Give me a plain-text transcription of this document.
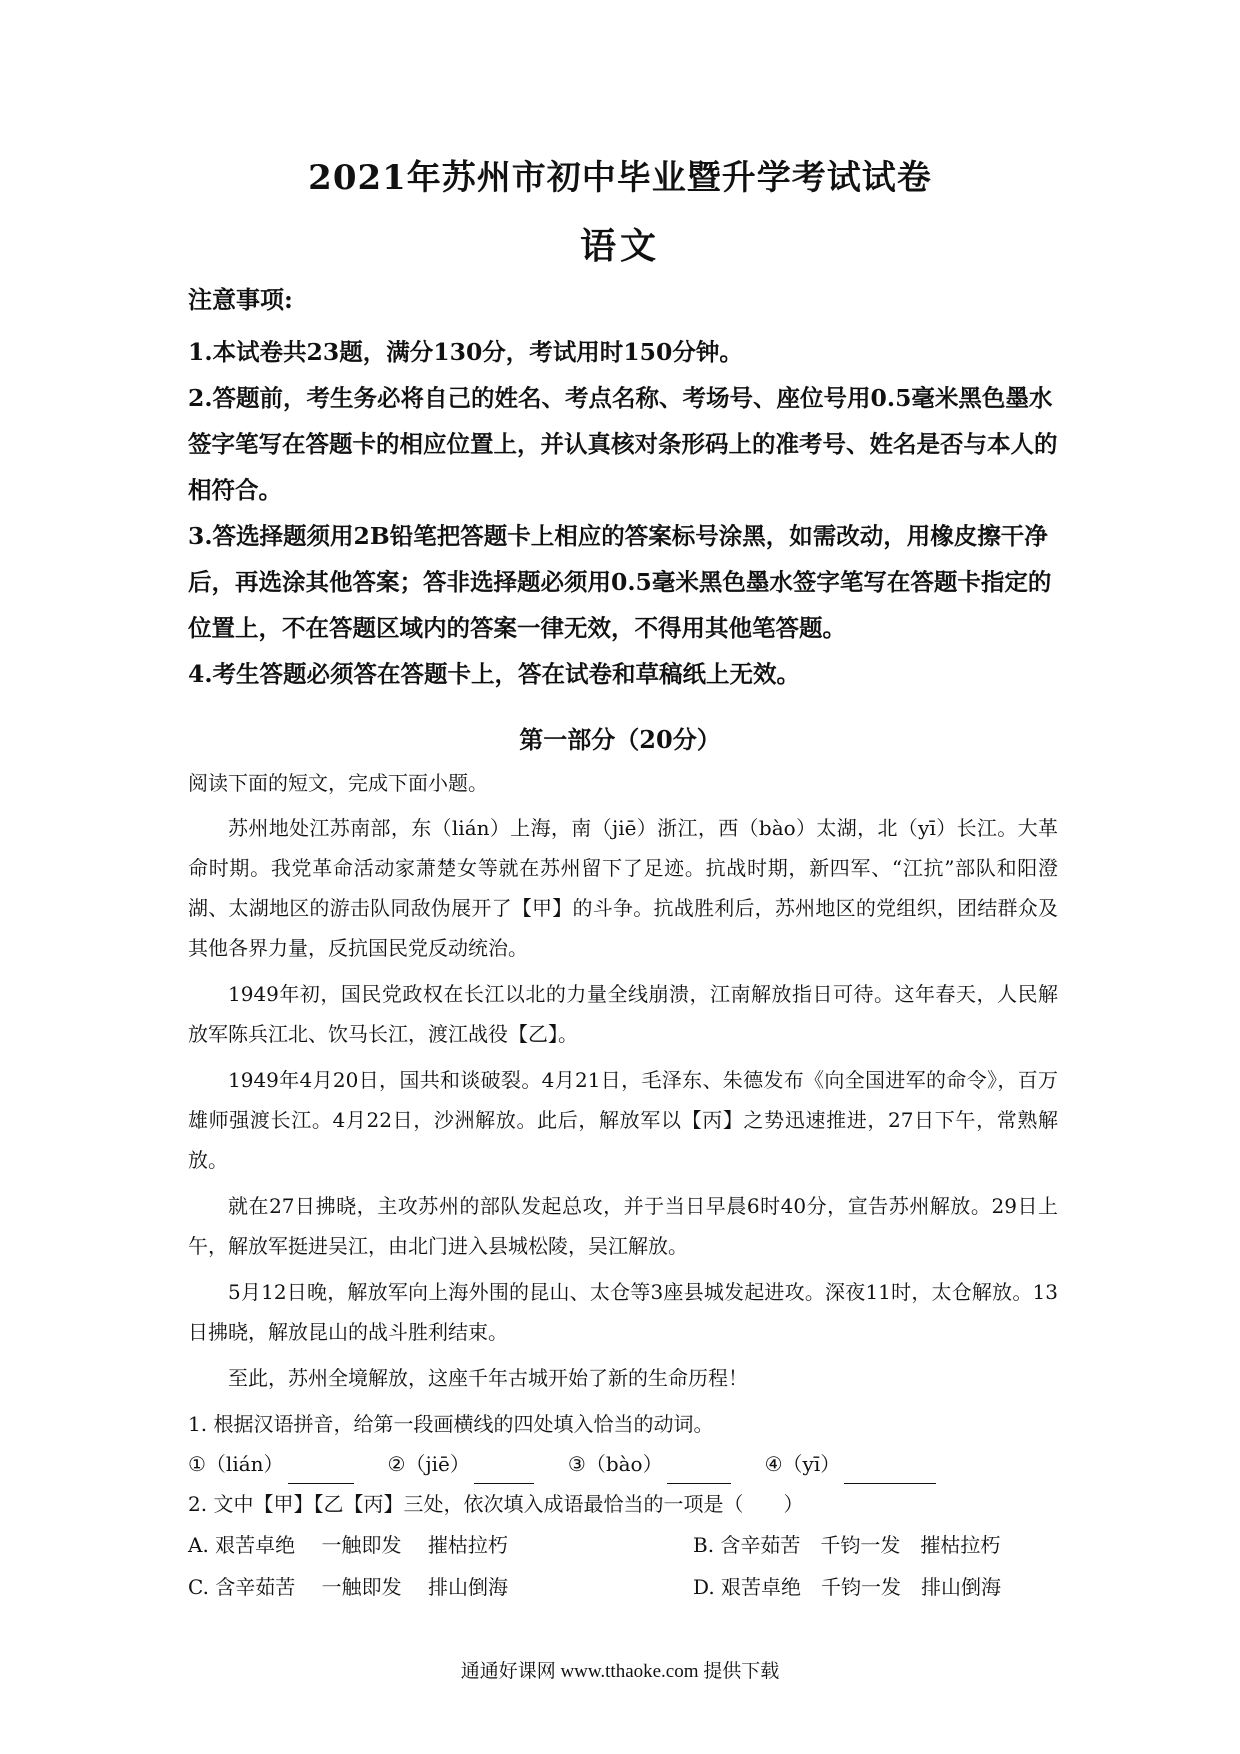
2021年苏州市初中毕业暨升学考试试卷
语文

注意事项:

1.本试卷共23题，满分130分，考试用时150分钟。

2.答题前，考生务必将自己的姓名、考点名称、考场号、座位号用0.5毫米黑色墨水签字笔写在答题卡的相应位置上，并认真核对条形码上的准考号、姓名是否与本人的相符合。

3.答选择题须用2B铅笔把答题卡上相应的答案标号涂黑，如需改动，用橡皮擦干净后，再选涂其他答案；答非选择题必须用0.5毫米黑色墨水签字笔写在答题卡指定的位置上，不在答题区域内的答案一律无效，不得用其他笔答题。

4.考生答题必须答在答题卡上，答在试卷和草稿纸上无效。

第一部分（20分）

阅读下面的短文，完成下面小题。

苏州地处江苏南部，东（lián）上海，南（jiē）浙江，西（bào）太湖，北（yī）长江。大革命时期。我党革命活动家萧楚女等就在苏州留下了足迹。抗战时期，新四军、“江抗”部队和阳澄湖、太湖地区的游击队同敌伪展开了【甲】的斗争。抗战胜利后，苏州地区的党组织，团结群众及其他各界力量，反抗国民党反动统治。

1949年初，国民党政权在长江以北的力量全线崩溃，江南解放指日可待。这年春天，人民解放军陈兵江北、饮马长江，渡江战役【乙】。

1949年4月20日，国共和谈破裂。4月21日，毛泽东、朱德发布《向全国进军的命令》，百万雄师强渡长江。4月22日，沙洲解放。此后，解放军以【丙】之势迅速推进，27日下午，常熟解放。

就在27日拂晓，主攻苏州的部队发起总攻，并于当日早晨6时40分，宣告苏州解放。29日上午，解放军挺进吴江，由北门进入县城松陵，吴江解放。

5月12日晚，解放军向上海外围的昆山、太仓等3座县城发起进攻。深夜11时，太仓解放。13日拂晓，解放昆山的战斗胜利结束。

至此，苏州全境解放，这座千年古城开始了新的生命历程！

1. 根据汉语拼音，给第一段画横线的四处填入恰当的动词。

①（lián）	②（jiē）	③（bào）	④（yī）

2. 文中【甲】【乙【丙】三处，依次填入成语最恰当的一项是（　　）

A. 艰苦卓绝　 一触即发　 摧枯拉朽	B. 含辛茹苦　千钧一发　摧枯拉朽
C. 含辛茹苦　 一触即发　 排山倒海	D. 艰苦卓绝　千钧一发　排山倒海
通通好课网 www.tthaoke.com 提供下载
